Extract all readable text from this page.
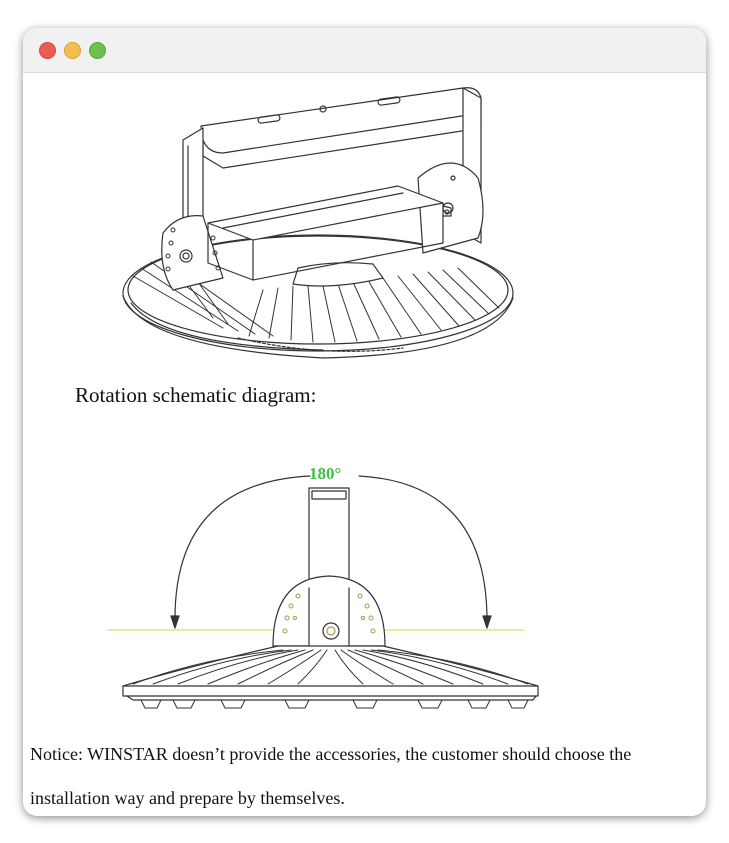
Rotation schematic diagram:
180°
Notice: WINSTAR doesn’t provide the accessories, the customer should choose the
installation way and prepare by themselves.
